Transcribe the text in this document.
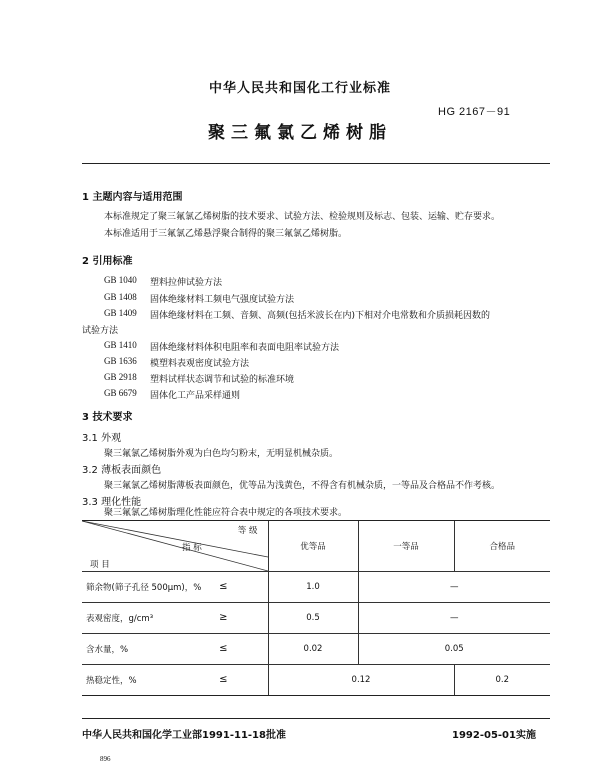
中华人民共和国化工行业标准
HG 2167－91
聚三氟氯乙烯树脂
1 主题内容与适用范围
本标准规定了聚三氟氯乙烯树脂的技术要求、试验方法、检验规则及标志、包装、运输、贮存要求。
本标准适用于三氟氯乙烯悬浮聚合制得的聚三氟氯乙烯树脂。
2 引用标准
GB 1040 塑料拉伸试验方法
GB 1408 固体绝缘材料工频电气强度试验方法
GB 1409 固体绝缘材料在工频、音频、高频(包括米波长在内)下相对介电常数和介质损耗因数的
试验方法
GB 1410 固体绝缘材料体积电阻率和表面电阻率试验方法
GB 1636 模塑料表观密度试验方法
GB 2918 塑料试样状态调节和试验的标准环境
GB 6679 固体化工产品采样通则
3 技术要求
3.1 外观
聚三氟氯乙烯树脂外观为白色均匀粉末，无明显机械杂质。
3.2 薄板表面颜色
聚三氟氯乙烯树脂薄板表面颜色，优等品为浅黄色，不得含有机械杂质，一等品及合格品不作考核。
3.3 理化性能
聚三氟氯乙烯树脂理化性能应符合表中规定的各项技术要求。
等 级
指 标
项 目	优等品	一等品	合格品
筛余物(筛子孔径 500μm)，% ≤	1.0	—	
表观密度，g/cm³ ≥	0.5	—	
含水量，% ≤	0.02	0.05	
热稳定性，% ≤	0.12		0.2
中华人民共和国化学工业部1991-11-18批准	1992-05-01实施
896
